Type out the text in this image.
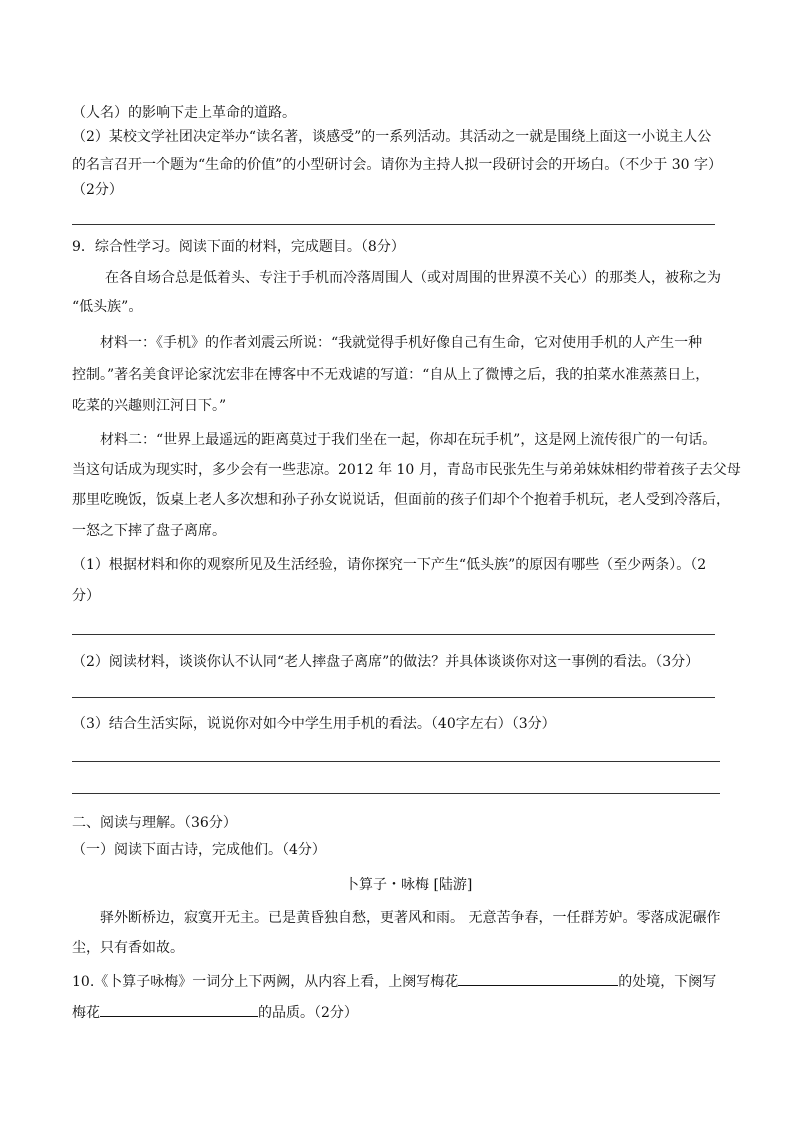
（人名）的影响下走上革命的道路。
（2）某校文学社团决定举办“读名著，谈感受”的一系列活动。其活动之一就是围绕上面这一小说主人公
的名言召开一个题为“生命的价值”的小型研讨会。请你为主持人拟一段研讨会的开场白。（不少于 30 字）
（2分）
9．综合性学习。阅读下面的材料，完成题目。（8分）
在各自场合总是低着头、专注于手机而冷落周围人（或对周围的世界漠不关心）的那类人，被称之为
“低头族”。
材料一：《手机》的作者刘震云所说：“我就觉得手机好像自己有生命，它对使用手机的人产生一种
控制。”著名美食评论家沈宏非在博客中不无戏谑的写道：“自从上了微博之后，我的拍菜水准蒸蒸日上，
吃菜的兴趣则江河日下。”
材料二：“世界上最遥远的距离莫过于我们坐在一起，你却在玩手机”，这是网上流传很广的一句话。
当这句话成为现实时，多少会有一些悲凉。2012 年 10 月，青岛市民张先生与弟弟妹妹相约带着孩子去父母
那里吃晚饭，饭桌上老人多次想和孙子孙女说说话，但面前的孩子们却个个抱着手机玩，老人受到冷落后，
一怒之下摔了盘子离席。
（1）根据材料和你的观察所见及生活经验，请你探究一下产生“低头族”的原因有哪些（至少两条）。（2
分）
（2）阅读材料，谈谈你认不认同“老人摔盘子离席”的做法？并具体谈谈你对这一事例的看法。（3分）
（3）结合生活实际，说说你对如今中学生用手机的看法。（40字左右）（3分）
二、阅读与理解。（36分）
（一）阅读下面古诗，完成他们。（4分）
卜算子・咏梅 [陆游]
驿外断桥边，寂寞开无主。已是黄昏独自愁，更著风和雨。 无意苦争春，一任群芳妒。零落成泥碾作
尘，只有香如故。
10.《卜算子咏梅》一词分上下两阙，从内容上看，上阕写梅花	的处境，下阕写
梅花	的品质。（2分）
